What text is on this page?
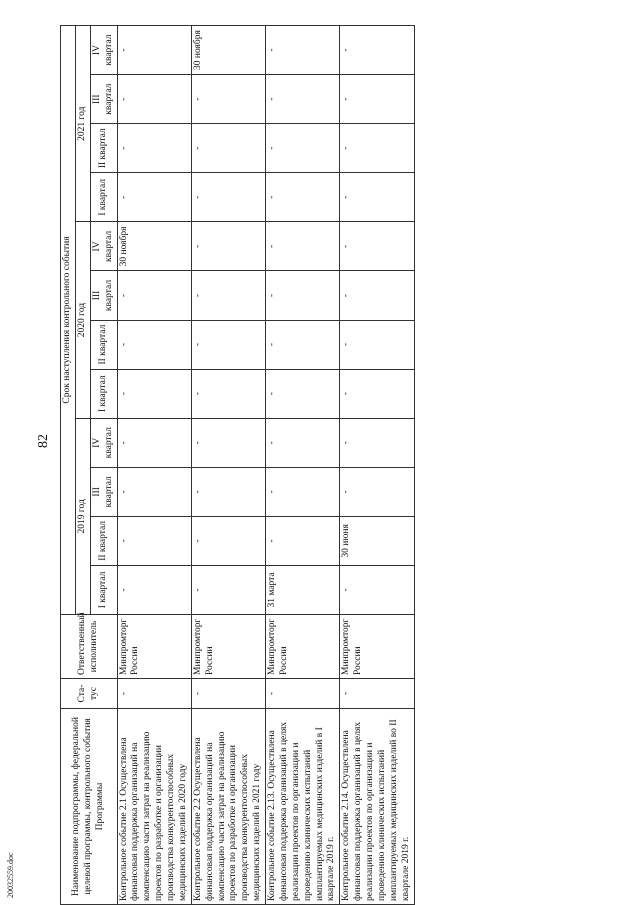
82
20032559.doc	Наименование подпрограммы, федеральной целевой программы, контрольного события Программы	Ста-тус	Ответственный исполнитель	Срок наступления контрольного события											
			2019 год				2020 год				2021 год			
			I квартал	II квартал	III квартал	IV квартал	I квартал	II квартал	III квартал	IV квартал	I квартал	II квартал	III квартал	IV квартал
Контрольное событие 2.1 Осуществлена финансовая поддержка организаций на компенсацию части затрат на реализацию проектов по разработке и организации производства конкурентоспособных медицинских изделий в 2020 году	-	Минпромторг России	-	-	-	-	-	-	-	30 ноября	-	-	-	-
Контрольное событие 2.2 Осуществлена финансовая поддержка организаций на компенсацию части затрат на реализацию проектов по разработке и организации производства конкурентоспособных медицинских изделий в 2021 году	-	Минпромторг России	-	-	-	-	-	-	-	-	-	-	-	30 ноября
Контрольное событие 2.13. Осуществлена финансовая поддержка организаций в целях реализации проектов по организации и проведению клинических испытаний имплантируемых медицинских изделий в I квартале 2019 г.	-	Минпромторг России	31 марта	-	-	-	-	-	-	-	-	-	-	-
Контрольное событие 2.14. Осуществлена финансовая поддержка организаций в целях реализации проектов по организации и проведению клинических испытаний имплантируемых медицинских изделий во II квартале 2019 г.	-	Минпромторг России	-	30 июня	-	-	-	-	-	-	-	-	-	-
